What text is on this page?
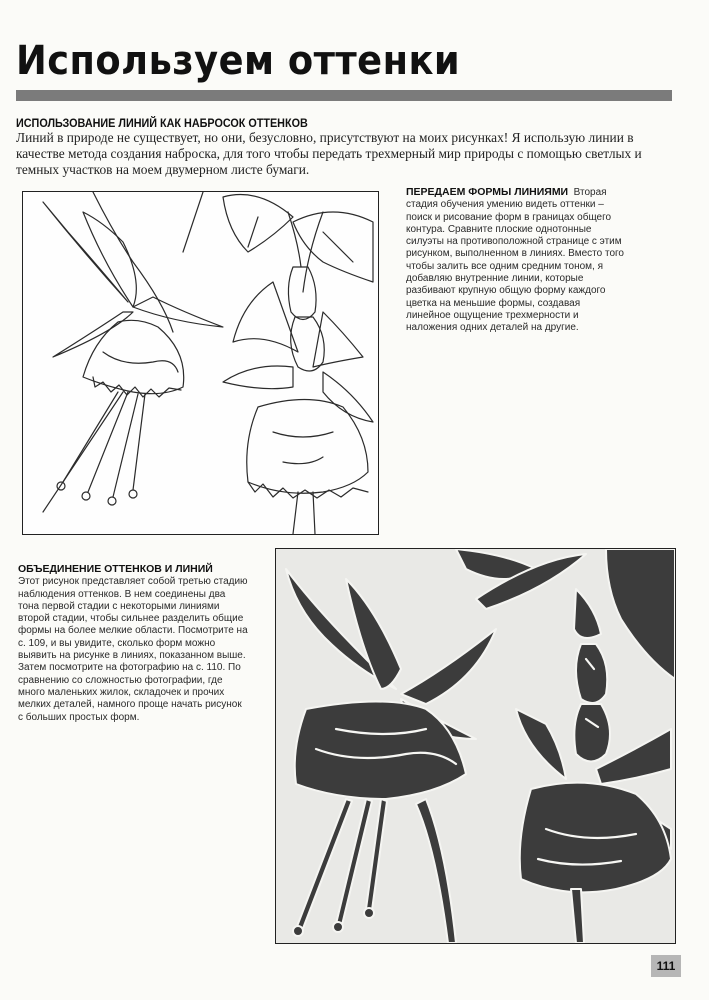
Используем оттенки
ИСПОЛЬЗОВАНИЕ ЛИНИЙ КАК НАБРОСОК ОТТЕНКОВ

Линий в природе не существует, но они, безусловно, присутствуют на моих рисунках! Я использую линии в качестве метода создания наброска, для того чтобы передать трехмерный мир природы с помощью светлых и темных участков на моем двумерном листе бумаги.

ПЕРЕДАЕМ ФОРМЫ ЛИНИЯМИ Вторая стадия обучения умению видеть оттенки – поиск и рисование форм в границах общего контура. Сравните плоские однотонные силуэты на противоположной странице с этим рисунком, выполненном в линиях. Вместо того чтобы залить все одним средним тоном, я добавляю внутренние линии, которые разбивают крупную общую форму каждого цветка на меньшие формы, создавая линейное ощущение трехмерности и наложения одних деталей на другие.

ОБЪЕДИНЕНИЕ ОТТЕНКОВ И ЛИНИЙ
Этот рисунок представляет собой третью стадию наблюдения оттенков. В нем соединены два тона первой стадии с некоторыми линиями второй стадии, чтобы сильнее разделить общие формы на более мелкие области. Посмотрите на с. 109, и вы увидите, сколько форм можно выявить на рисунке в линиях, показанном выше. Затем посмотрите на фотографию на с. 110. По сравнению со сложностью фотографии, где много маленьких жилок, складочек и прочих мелких деталей, намного проще начать рисунок с больших простых форм.

111
